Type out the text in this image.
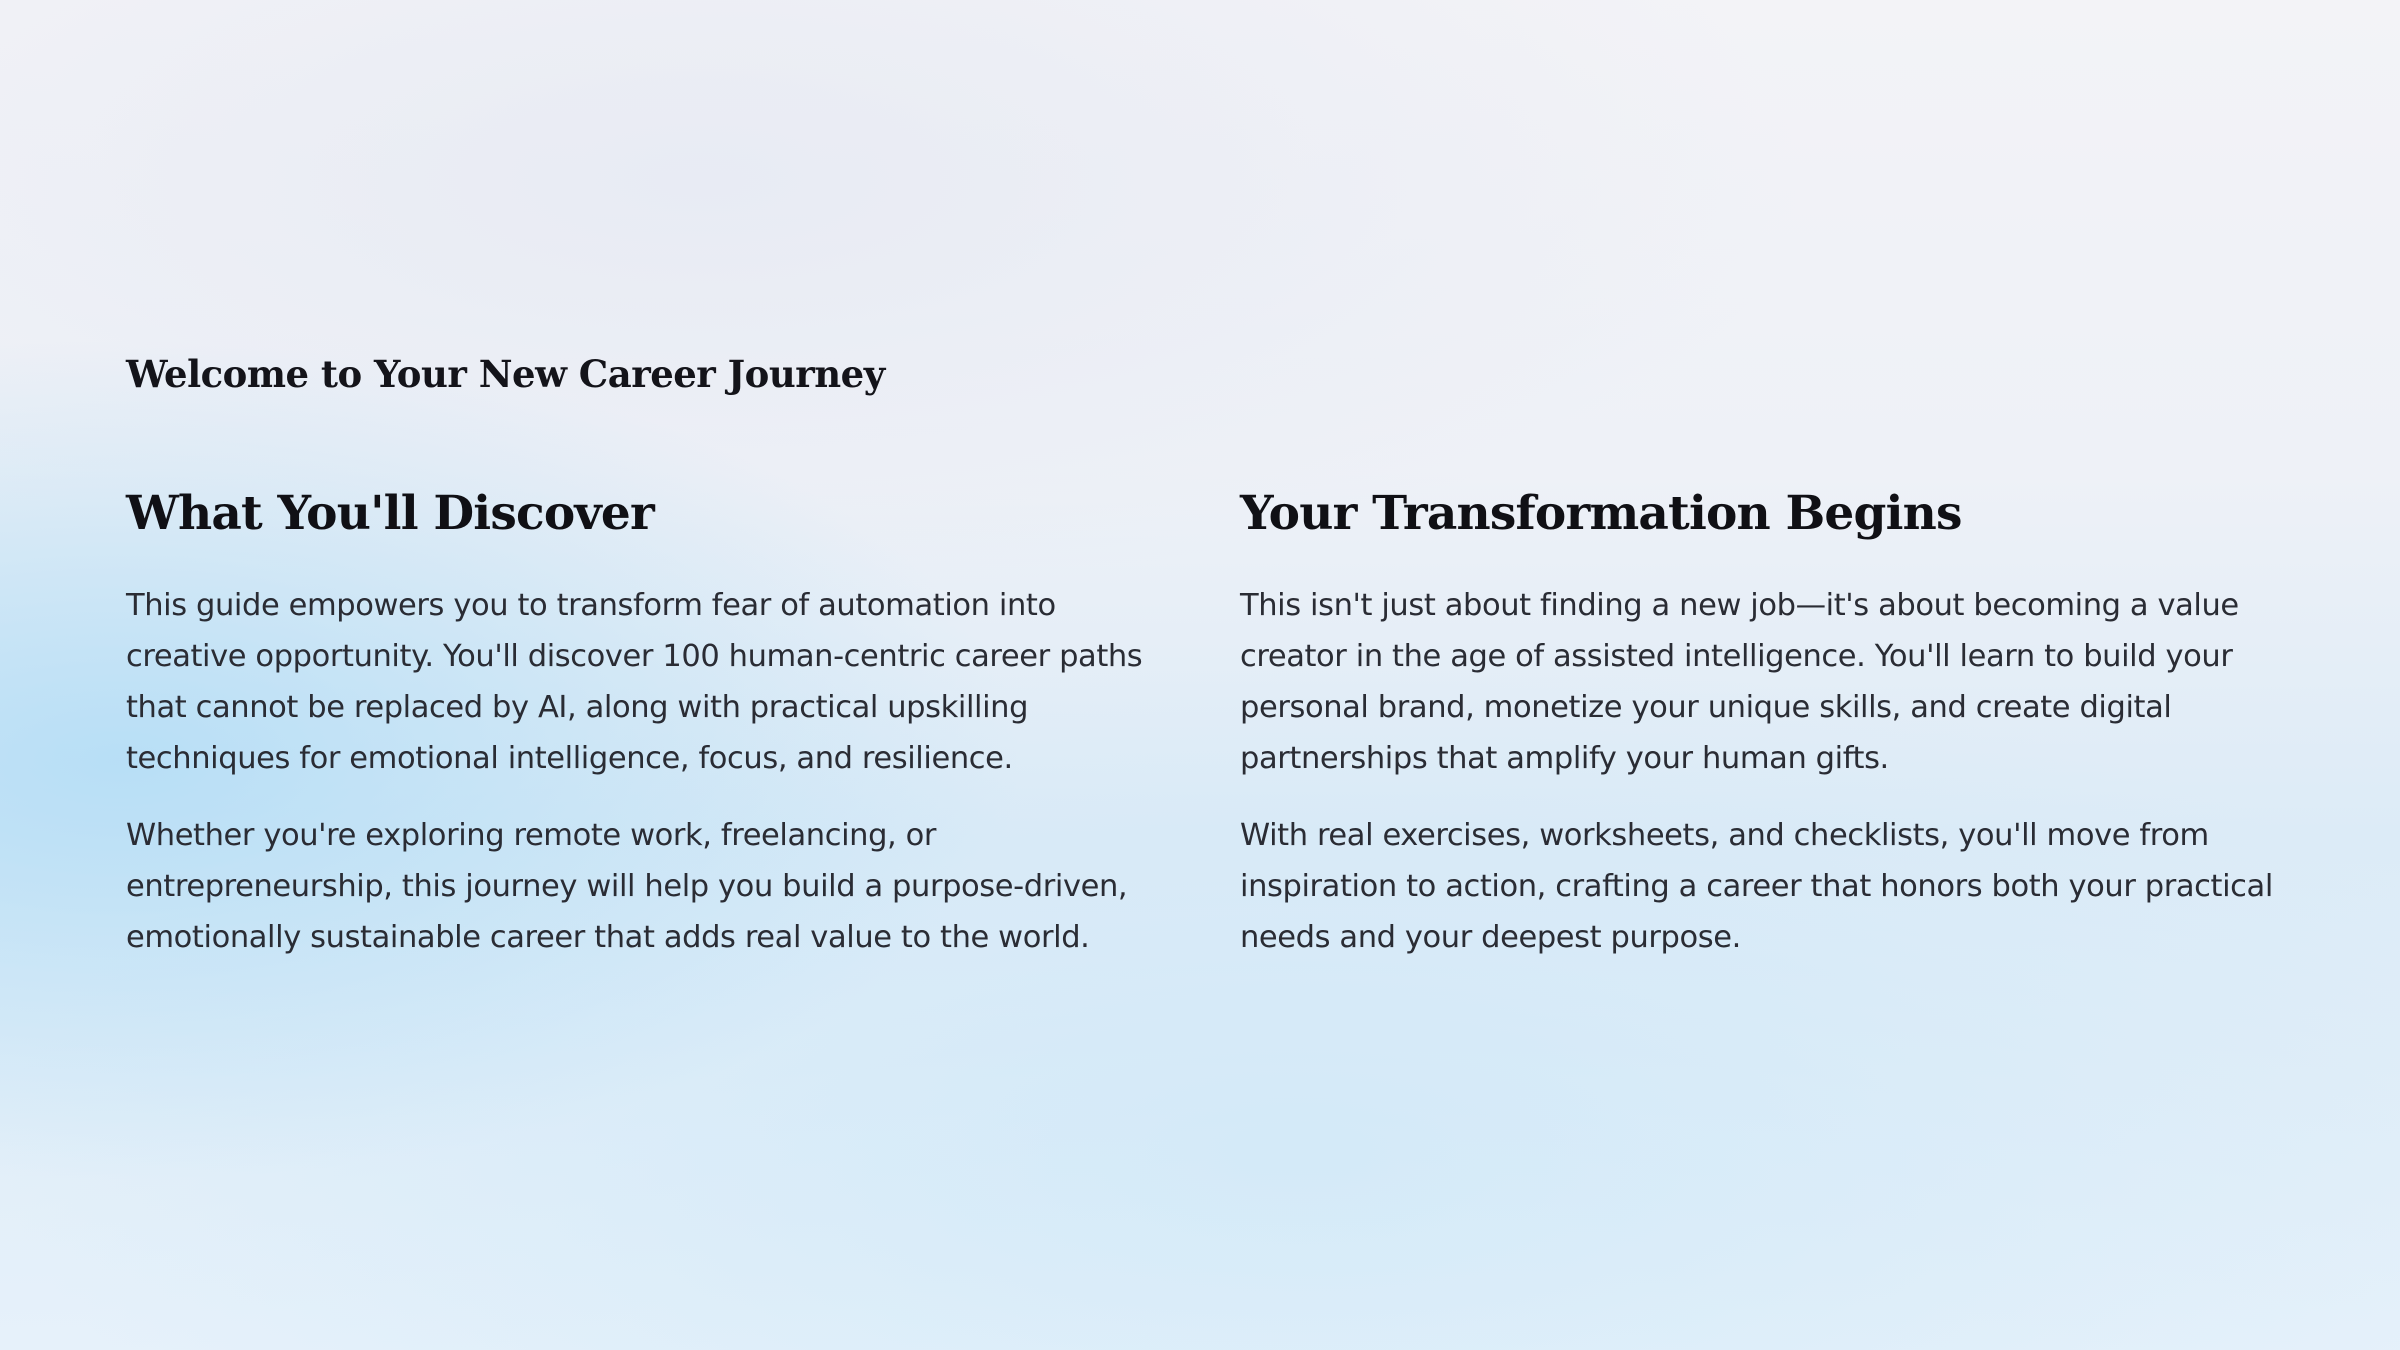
Welcome to Your New Career Journey
What You'll Discover

This guide empowers you to transform fear of automation into creative opportunity. You'll discover 100 human-centric career paths that cannot be replaced by AI, along with practical upskilling techniques for emotional intelligence, focus, and resilience.

Whether you're exploring remote work, freelancing, or entrepreneurship, this journey will help you build a purpose-driven, emotionally sustainable career that adds real value to the world.

Your Transformation Begins

This isn't just about finding a new job—it's about becoming a value creator in the age of assisted intelligence. You'll learn to build your personal brand, monetize your unique skills, and create digital partnerships that amplify your human gifts.

With real exercises, worksheets, and checklists, you'll move from inspiration to action, crafting a career that honors both your practical needs and your deepest purpose.
